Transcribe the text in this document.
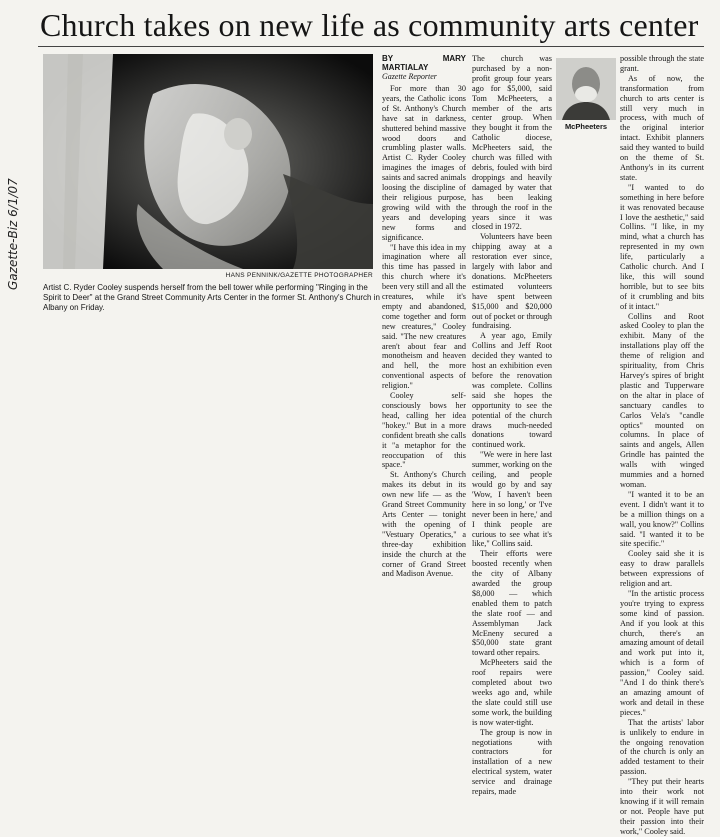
Church takes on new life as community arts center
Gazette-Biz 6/1/07	HANS PENNINK/GAZETTE PHOTOGRAPHER
Artist C. Ryder Cooley suspends herself from the bell tower while performing "Ringing in the Spirit to Deer" at the Grand Street Community Arts Center in the former St. Anthony's Church in Albany on Friday.
BY MARY MARTIALAY
Gazette Reporter

For more than 30 years, the Catholic icons of St. Anthony's Church have sat in darkness, shuttered behind massive wood doors and crumbling plaster walls. Artist C. Ryder Cooley imagines the images of saints and sacred animals loosing the discipline of their religious purpose, growing wild with the years and developing new forms and significance.

"I have this idea in my imagination where all this time has passed in this church where it's been very still and all the creatures, while it's empty and abandoned, come together and form new creatures," Cooley said. "The new creatures aren't about fear and monotheism and heaven and hell, the more conventional aspects of religion."

Cooley self-consciously bows her head, calling her idea "hokey." But in a more confident breath she calls it "a metaphor for the reoccupation of this space."

St. Anthony's Church makes its debut in its own new life — as the Grand Street Community Arts Center — tonight with the opening of "Vestuary Operatics," a three-day exhibition inside the church at the corner of Grand Street and Madison Avenue.

The church was purchased by a non-profit group four years ago for $5,000, said Tom McPheeters, a member of the arts center group. When they bought it from the Catholic diocese, McPheeters said, the church was filled with debris, fouled with bird droppings and heavily damaged by water that has been leaking through the roof in the years since it was closed in 1972.

Volunteers have been chipping away at a restoration ever since, largely with labor and donations. McPheeters estimated volunteers have spent between $15,000 and $20,000 out of pocket or through fundraising.

A year ago, Emily Collins and Jeff Root decided they wanted to host an exhibition even before the renovation was complete. Collins said she hopes the opportunity to see the potential of the church draws much-needed donations toward continued work.

"We were in here last summer, working on the ceiling, and people would go by and say 'Wow, I haven't been here in so long,' or 'I've never been in here,' and I think people are curious to see what it's like," Collins said.

Their efforts were boosted recently when the city of Albany awarded the group $8,000 — which enabled them to patch the slate roof — and Assemblyman Jack McEneny secured a $50,000 state grant toward other repairs.

McPheeters said the roof repairs were completed about two weeks ago and, while the slate could still use some work, the building is now water-tight.

The group is now in negotiations with contractors for installation of a new electrical system, water service and drainage repairs, made

McPheeters

possible through the state grant.

As of now, the transformation from church to arts center is still very much in process, with much of the original interior intact. Exhibit planners said they wanted to build on the theme of St. Anthony's in its current state.

"I wanted to do something in here before it was renovated because I love the aesthetic," said Collins. "I like, in my mind, what a church has represented in my own life, particularly a Catholic church. And I like, this will sound horrible, but to see bits of it crumbling and bits of it intact."

Collins and Root asked Cooley to plan the exhibit. Many of the installations play off the theme of religion and spirituality, from Chris Harvey's spires of bright plastic and Tupperware on the altar in place of sanctuary candles to Carlos Vela's "candle optics" mounted on columns. In place of saints and angels, Allen Grindle has painted the walls with winged mummies and a horned woman.

"I wanted it to be an event. I didn't want it to be a million things on a wall, you know?" Collins said. "I wanted it to be site specific."

Cooley said she it is easy to draw parallels between expressions of religion and art.

"In the artistic process you're trying to express some kind of passion. And if you look at this church, there's an amazing amount of detail and work put into it, which is a form of passion," Cooley said. "And I do think there's an amazing amount of work and detail in these pieces."

That the artists' labor is unlikely to endure in the ongoing renovation of the church is only an added testament to their passion.

"They put their hearts into their work not knowing if it will remain or not. People have put their passion into their work," Cooley said.
